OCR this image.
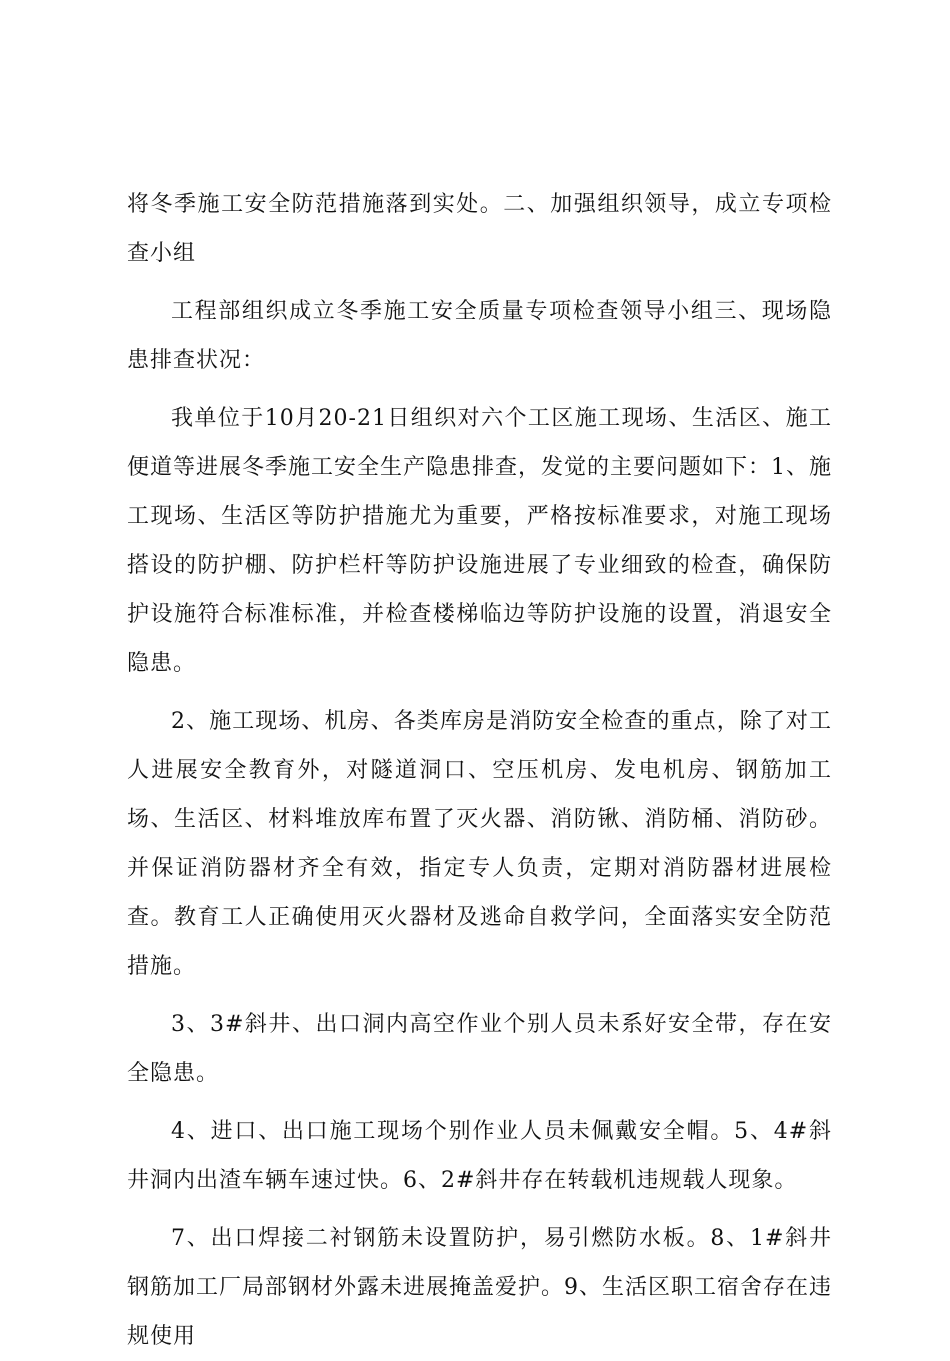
将冬季施工安全防范措施落到实处。二、加强组织领导，成立专项检查小组

工程部组织成立冬季施工安全质量专项检查领导小组三、现场隐患排查状况：

我单位于10月20-21日组织对六个工区施工现场、生活区、施工便道等进展冬季施工安全生产隐患排查，发觉的主要问题如下：1、施工现场、生活区等防护措施尤为重要，严格按标准要求，对施工现场搭设的防护棚、防护栏杆等防护设施进展了专业细致的检查，确保防护设施符合标准标准，并检查楼梯临边等防护设施的设置，消退安全隐患。

2、施工现场、机房、各类库房是消防安全检查的重点，除了对工人进展安全教育外，对隧道洞口、空压机房、发电机房、钢筋加工场、生活区、材料堆放库布置了灭火器、消防锹、消防桶、消防砂。并保证消防器材齐全有效，指定专人负责，定期对消防器材进展检查。教育工人正确使用灭火器材及逃命自救学问，全面落实安全防范措施。

3、3#斜井、出口洞内高空作业个别人员未系好安全带，存在安全隐患。

4、进口、出口施工现场个别作业人员未佩戴安全帽。5、4#斜井洞内出渣车辆车速过快。6、2#斜井存在转载机违规载人现象。

7、出口焊接二衬钢筋未设置防护，易引燃防水板。8、1#斜井钢筋加工厂局部钢材外露未进展掩盖爱护。9、生活区职工宿舍存在违规使用
